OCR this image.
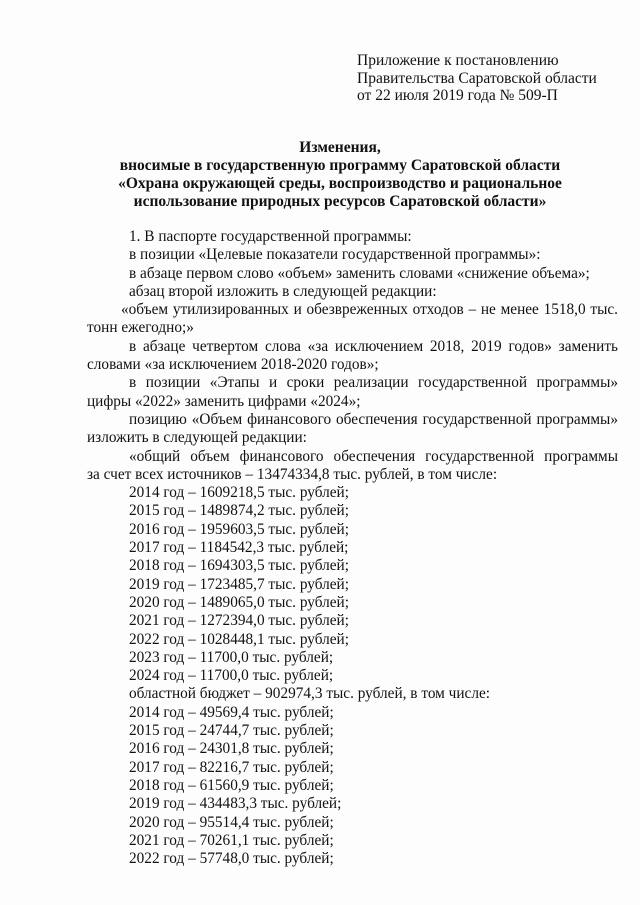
Приложение к постановлению
Правительства Саратовской области
от 22 июля 2019 года № 509-П
Изменения,
вносимые в государственную программу Саратовской области
«Охрана окружающей среды, воспроизводство и рациональное
использование природных ресурсов Саратовской области»

1. В паспорте государственной программы:

в позиции «Целевые показатели государственной программы»:

в абзаце первом слово «объем» заменить словами «снижение объема»;

абзац второй изложить в следующей редакции:

«объем утилизированных и обезвреженных отходов – не менее 1518,0 тыс.

тонн ежегодно;»

в абзаце четвертом слова «за исключением 2018, 2019 годов» заменить

словами «за исключением 2018-2020 годов»;

в позиции «Этапы и сроки реализации государственной программы»

цифры «2022» заменить цифрами «2024»;

позицию «Объем финансового обеспечения государственной программы»

изложить в следующей редакции:

«общий объем финансового обеспечения государственной программы

за счет всех источников – 13474334,8 тыс. рублей, в том числе:

2014 год – 1609218,5 тыс. рублей;

2015 год – 1489874,2 тыс. рублей;

2016 год – 1959603,5 тыс. рублей;

2017 год – 1184542,3 тыс. рублей;

2018 год – 1694303,5 тыс. рублей;

2019 год – 1723485,7 тыс. рублей;

2020 год – 1489065,0 тыс. рублей;

2021 год – 1272394,0 тыс. рублей;

2022 год – 1028448,1 тыс. рублей;

2023 год – 11700,0 тыс. рублей;

2024 год – 11700,0 тыс. рублей;

областной бюджет – 902974,3 тыс. рублей, в том числе:

2014 год – 49569,4 тыс. рублей;

2015 год – 24744,7 тыс. рублей;

2016 год – 24301,8 тыс. рублей;

2017 год – 82216,7 тыс. рублей;

2018 год – 61560,9 тыс. рублей;

2019 год – 434483,3 тыс. рублей;

2020 год – 95514,4 тыс. рублей;

2021 год – 70261,1 тыс. рублей;

2022 год – 57748,0 тыс. рублей;
